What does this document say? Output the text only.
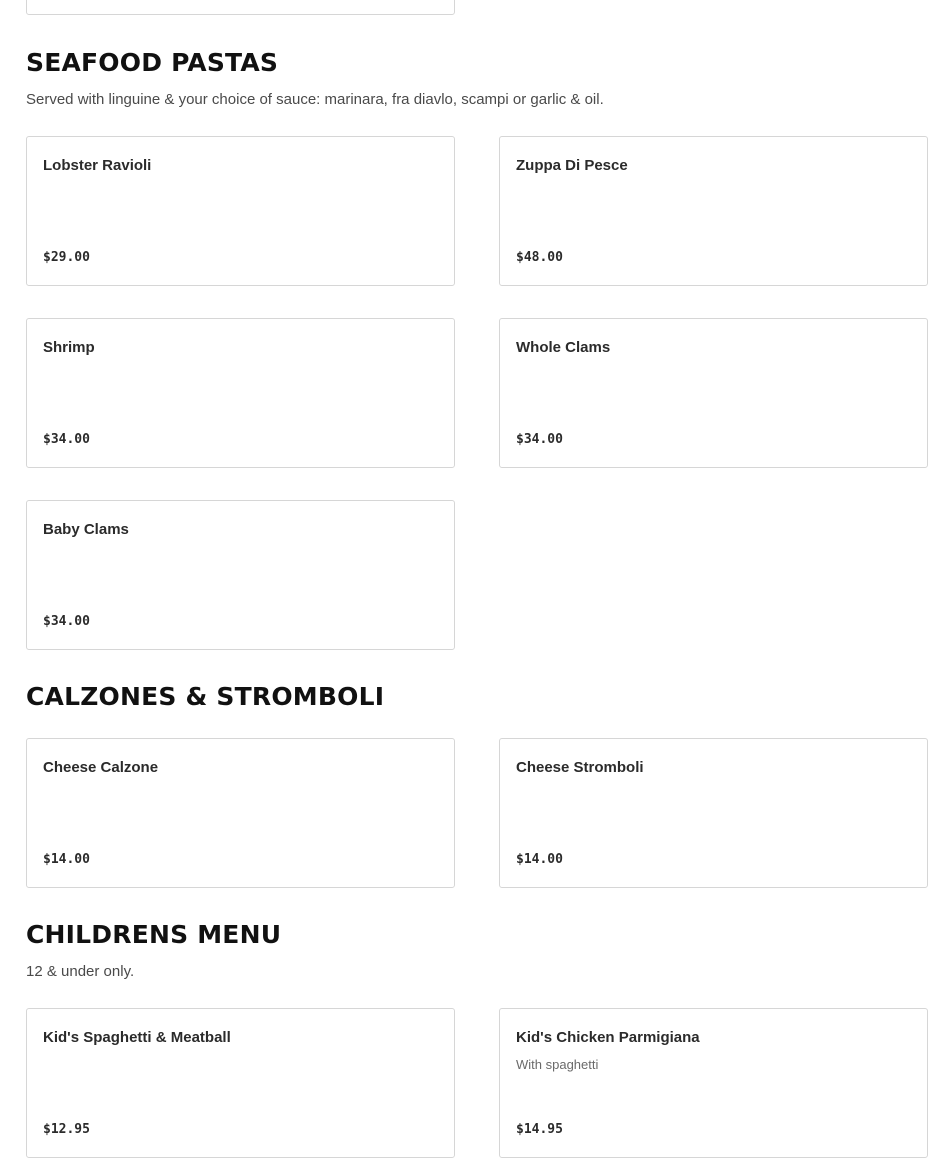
SEAFOOD PASTAS
Served with linguine & your choice of sauce: marinara, fra diavlo, scampi or garlic & oil.
Lobster Ravioli
$29.00
Zuppa Di Pesce
$48.00
Shrimp
$34.00
Whole Clams
$34.00
Baby Clams
$34.00
CALZONES & STROMBOLI
Cheese Calzone
$14.00
Cheese Stromboli
$14.00
CHILDRENS MENU
12 & under only.
Kid's Spaghetti & Meatball
$12.95
Kid's Chicken Parmigiana
With spaghetti
$14.95
